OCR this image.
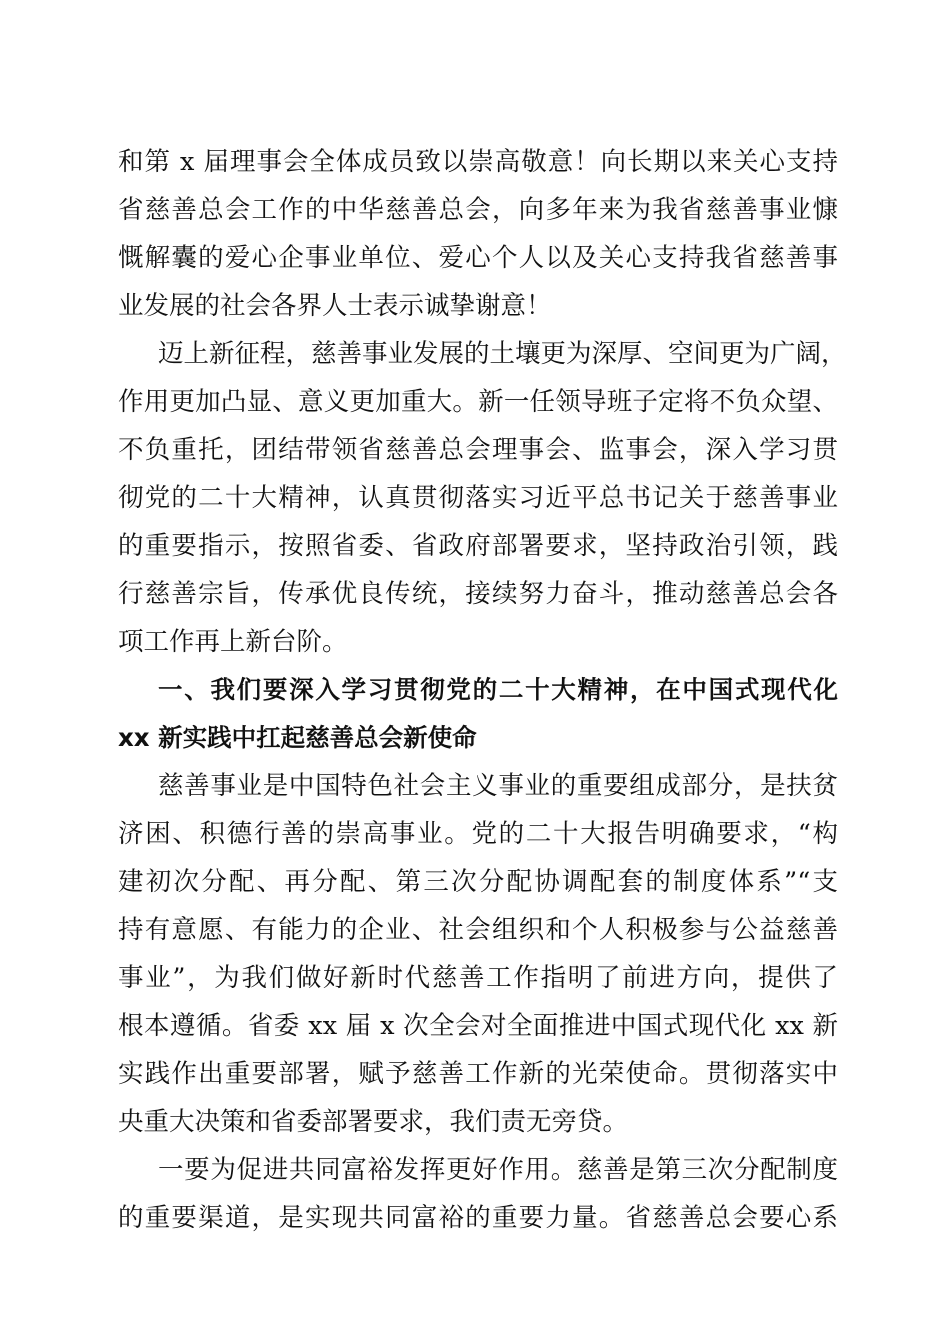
和第 x 届理事会全体成员致以崇高敬意！向长期以来关心支持
省慈善总会工作的中华慈善总会，向多年来为我省慈善事业慷
慨解囊的爱心企事业单位、爱心个人以及关心支持我省慈善事
业发展的社会各界人士表示诚挚谢意！
迈上新征程，慈善事业发展的土壤更为深厚、空间更为广阔，
作用更加凸显、意义更加重大。新一任领导班子定将不负众望、
不负重托，团结带领省慈善总会理事会、监事会，深入学习贯
彻党的二十大精神，认真贯彻落实习近平总书记关于慈善事业
的重要指示，按照省委、省政府部署要求，坚持政治引领，践
行慈善宗旨，传承优良传统，接续努力奋斗，推动慈善总会各
项工作再上新台阶。
一、我们要深入学习贯彻党的二十大精神，在中国式现代化
xx 新实践中扛起慈善总会新使命
慈善事业是中国特色社会主义事业的重要组成部分，是扶贫
济困、积德行善的崇高事业。党的二十大报告明确要求，“构
建初次分配、再分配、第三次分配协调配套的制度体系”“支
持有意愿、有能力的企业、社会组织和个人积极参与公益慈善
事业”，为我们做好新时代慈善工作指明了前进方向，提供了
根本遵循。省委 xx 届 x 次全会对全面推进中国式现代化 xx 新
实践作出重要部署，赋予慈善工作新的光荣使命。贯彻落实中
央重大决策和省委部署要求，我们责无旁贷。
一要为促进共同富裕发挥更好作用。慈善是第三次分配制度
的重要渠道，是实现共同富裕的重要力量。省慈善总会要心系
